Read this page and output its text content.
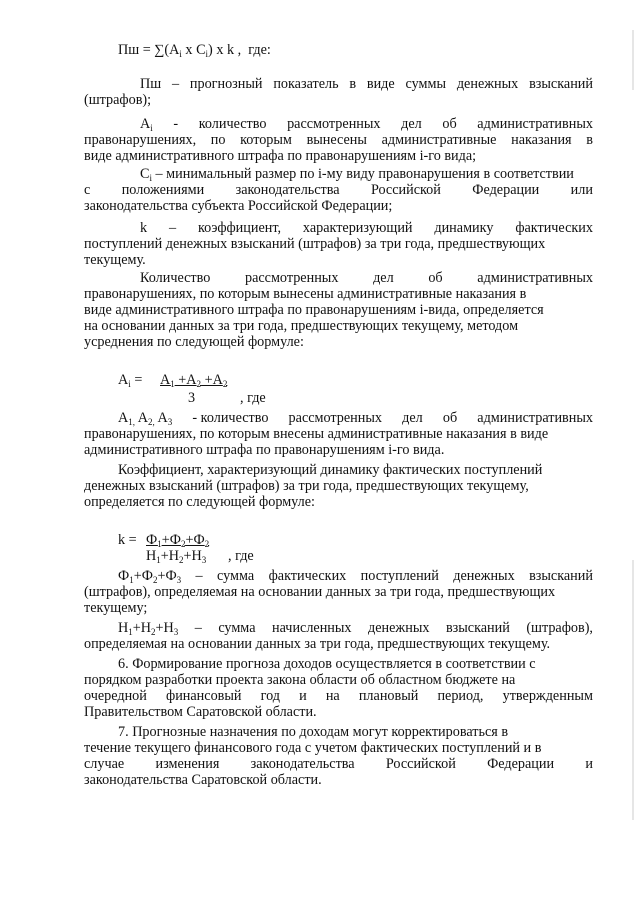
Пш = $\sum(A_i$ x $C_i$) x k ,  где:
Пш – прогнозный показатель в виде суммы денежных взысканий
(штрафов);
$A_i$ - количество рассмотренных дел об административных
правонарушениях, по которым вынесены административные наказания в
виде административного штрафа по правонарушениям i-го вида;
$C_i$ – минимальный размер по i-му виду правонарушения в соответствии
с положениями законодательства Российской Федерации или
законодательства субъекта Российской Федерации;
k – коэффициент, характеризующий динамику фактических
поступлений денежных взысканий (штрафов) за три года, предшествующих
текущему.
Количество рассмотренных дел об административных
правонарушениях, по которым вынесены административные наказания в
виде административного штрафа по правонарушениям i-вида, определяется
на основании данных за три года, предшествующих текущему, методом
усреднения по следующей формуле:
$A_i = A_1 +A_2 +A_2$
3	, где
$A_{1,}$ $A_{2,}$ $A_3$ - количество рассмотренных дел об административных
правонарушениях, по которым внесены административные наказания в виде
административного штрафа по правонарушениям i-го вида.
Коэффициент, характеризующий динамику фактических поступлений
денежных взысканий (штрафов) за три года, предшествующих текущему,
определяется по следующей формуле:
$k = Ф_1+Ф_2+Ф_2$
$Н_1+Н_2+Н_3$ , где
$Ф_1+Ф_2+Ф_3$ – сумма фактических поступлений денежных взысканий
(штрафов), определяемая на основании данных за три года, предшествующих
текущему;
$Н_1+Н_2+Н_3$ – сумма начисленных денежных взысканий (штрафов),
определяемая на основании данных за три года, предшествующих текущему.
6. Формирование прогноза доходов осуществляется в соответствии с
порядком разработки проекта закона области об областном бюджете на
очередной финансовый год и на плановый период, утвержденным
Правительством Саратовской области.
7. Прогнозные назначения по доходам могут корректироваться в
течение текущего финансового года с учетом фактических поступлений и в
случае изменения законодательства Российской Федерации и
законодательства Саратовской области.
